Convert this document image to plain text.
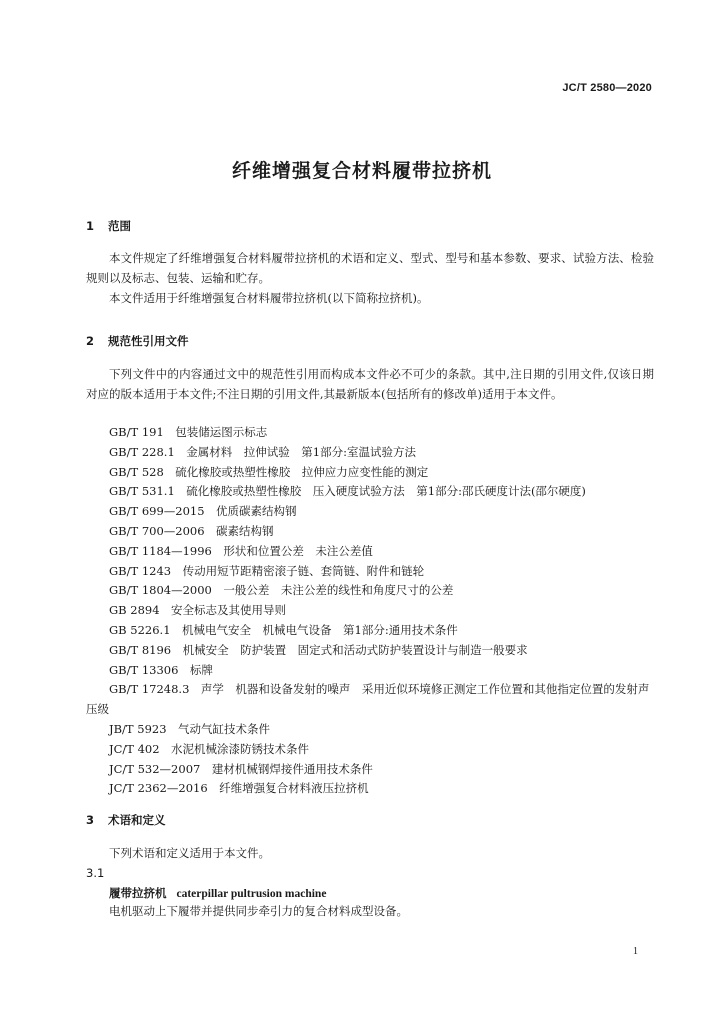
JC/T 2580—2020
纤维增强复合材料履带拉挤机
1 范围

本文件规定了纤维增强复合材料履带拉挤机的术语和定义、型式、型号和基本参数、要求、试验方法、检验规则以及标志、包装、运输和贮存。

本文件适用于纤维增强复合材料履带拉挤机(以下简称拉挤机)。

2 规范性引用文件

下列文件中的内容通过文中的规范性引用而构成本文件必不可少的条款。其中,注日期的引用文件,仅该日期对应的版本适用于本文件;不注日期的引用文件,其最新版本(包括所有的修改单)适用于本文件。

GB/T 191　包装储运图示标志
GB/T 228.1　金属材料　拉伸试验　第1部分:室温试验方法
GB/T 528　硫化橡胶或热塑性橡胶　拉伸应力应变性能的测定
GB/T 531.1　硫化橡胶或热塑性橡胶　压入硬度试验方法　第1部分:邵氏硬度计法(邵尔硬度)
GB/T 699—2015　优质碳素结构钢
GB/T 700—2006　碳素结构钢
GB/T 1184—1996　形状和位置公差　未注公差值
GB/T 1243　传动用短节距精密滚子链、套筒链、附件和链轮
GB/T 1804—2000　一般公差　未注公差的线性和角度尺寸的公差
GB 2894　安全标志及其使用导则
GB 5226.1　机械电气安全　机械电气设备　第1部分:通用技术条件
GB/T 8196　机械安全　防护装置　固定式和活动式防护装置设计与制造一般要求
GB/T 13306　标牌
GB/T 17248.3　声学　机器和设备发射的噪声　采用近似环境修正测定工作位置和其他指定位置的发射声压级
JB/T 5923　气动气缸技术条件
JC/T 402　水泥机械涂漆防锈技术条件
JC/T 532—2007　建材机械钢焊接件通用技术条件
JC/T 2362—2016　纤维增强复合材料液压拉挤机
3 术语和定义

下列术语和定义适用于本文件。

3.1
履带拉挤机 caterpillar pultrusion machine

电机驱动上下履带并提供同步牵引力的复合材料成型设备。

1
